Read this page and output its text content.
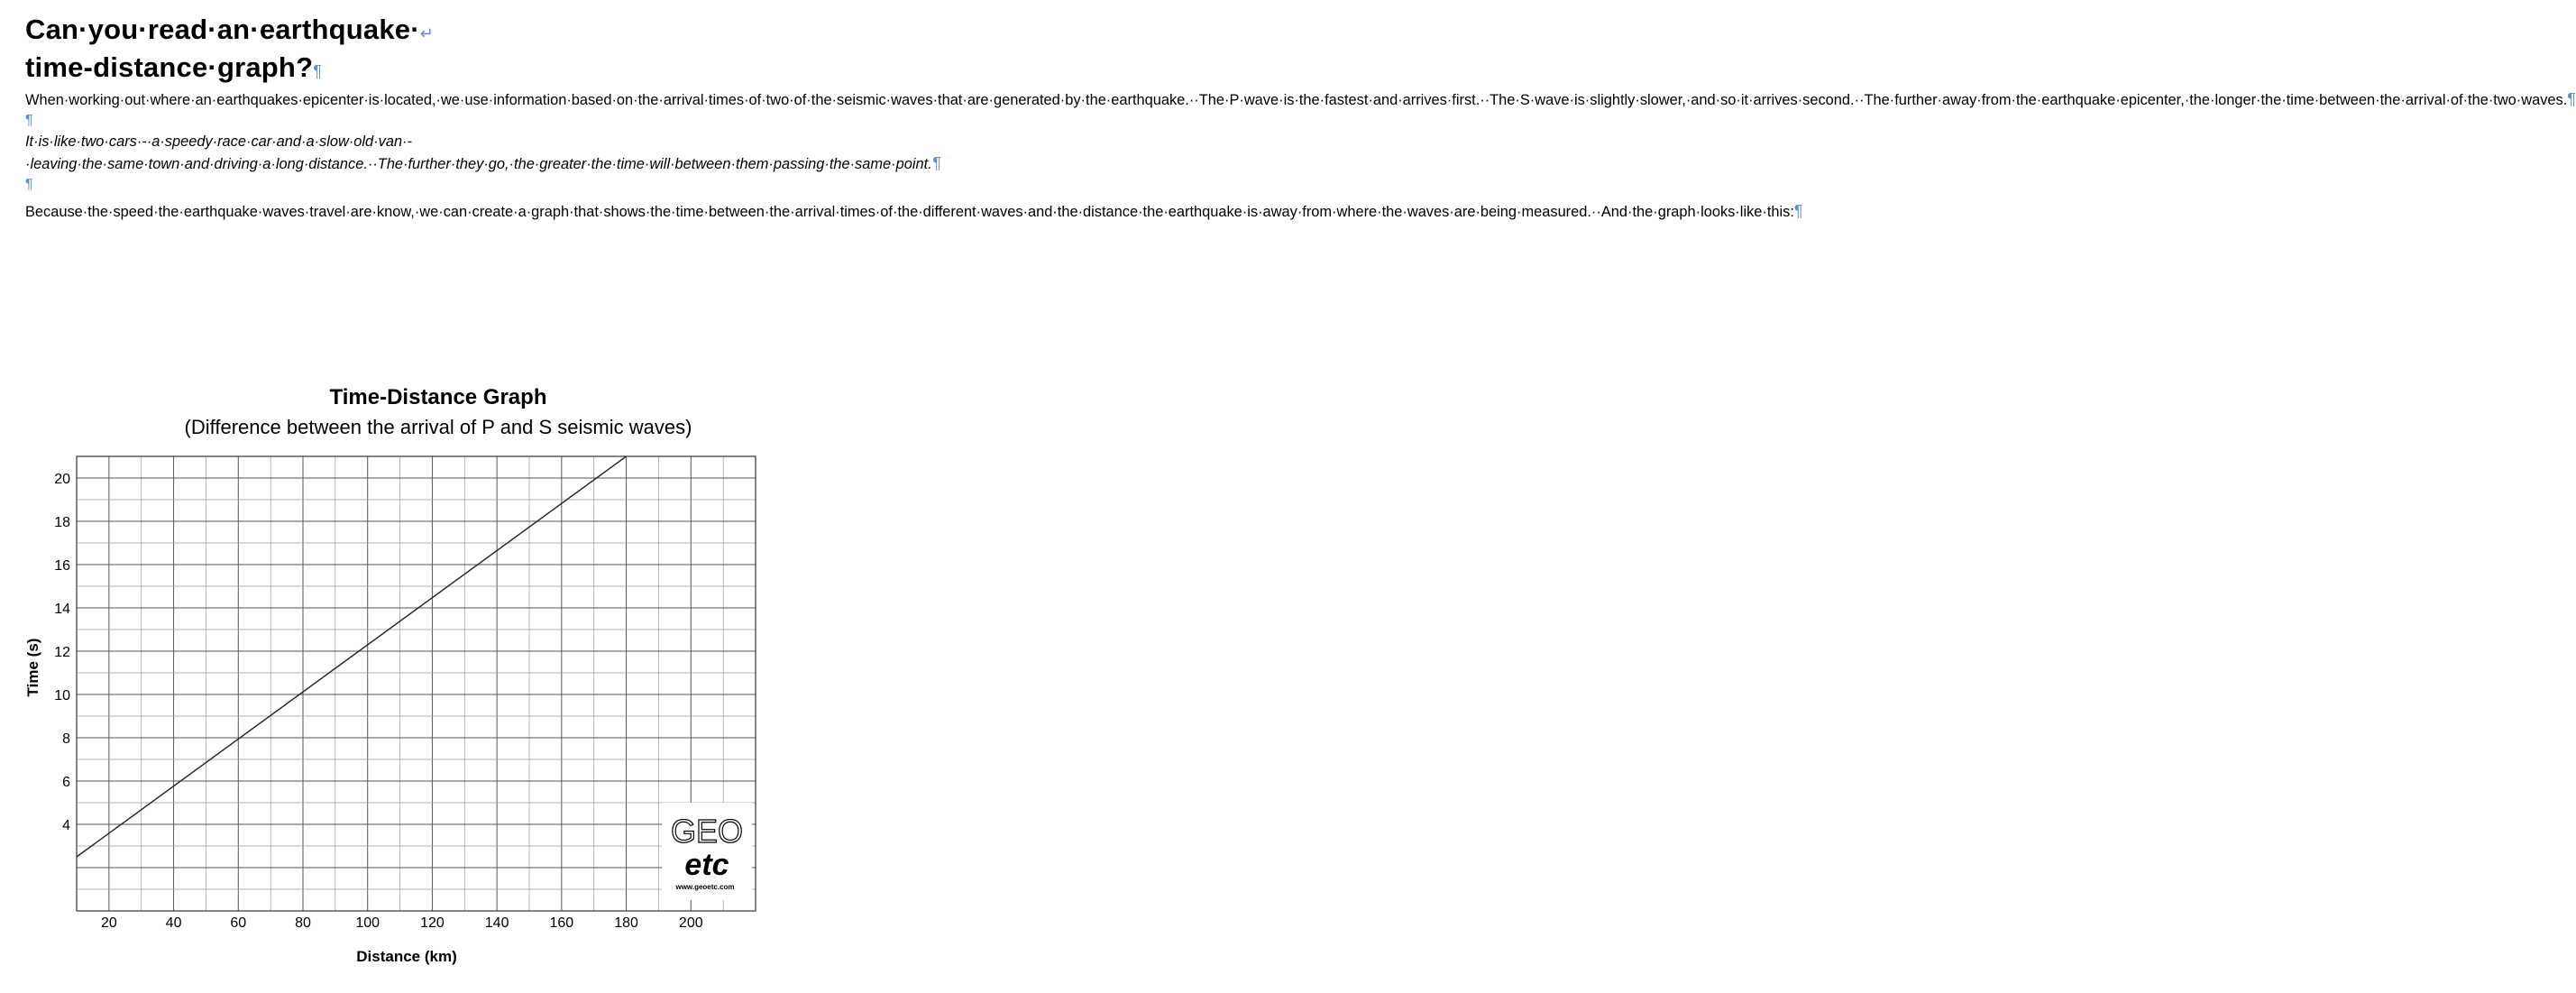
Can·you·read·an·earthquake·↵
time-distance·graph?¶

When·working·out·where·an·earthquakes·epicenter·is·located,·we·use·information·based·on·the·arrival·times·of·two·of·the·seismic·waves·that·are·generated·by·the·earthquake.··The·P·wave·is·the·fastest·and·arrives·first.··The·S·wave·is·slightly·slower,·and·so·it·arrives·second.··The·further·away·from·the·earthquake·epicenter,·the·longer·the·time·between·the·arrival·of·the·two·waves.¶

¶

It·is·like·two·cars·-·a·speedy·race·car·and·a·slow·old·van·-·leaving·the·same·town·and·driving·a·long·distance.··The·further·they·go,·the·greater·the·time·will·between·them·passing·the·same·point.¶

¶

Because·the·speed·the·earthquake·waves·travel·are·know,·we·can·create·a·graph·that·shows·the·time·between·the·arrival·times·of·the·different·waves·and·the·distance·the·earthquake·is·away·from·where·the·waves·are·being·measured.··And·the·graph·looks·like·this:¶

Time-Distance Graph
(Difference between the arrival of P and S seismic waves)
4
6
8
10
12
14
16
18
20
20	40	60	80	100	120	140	160	180	200
GEO
etc
www.geoetc.com
Distance (km)
Time (s)
